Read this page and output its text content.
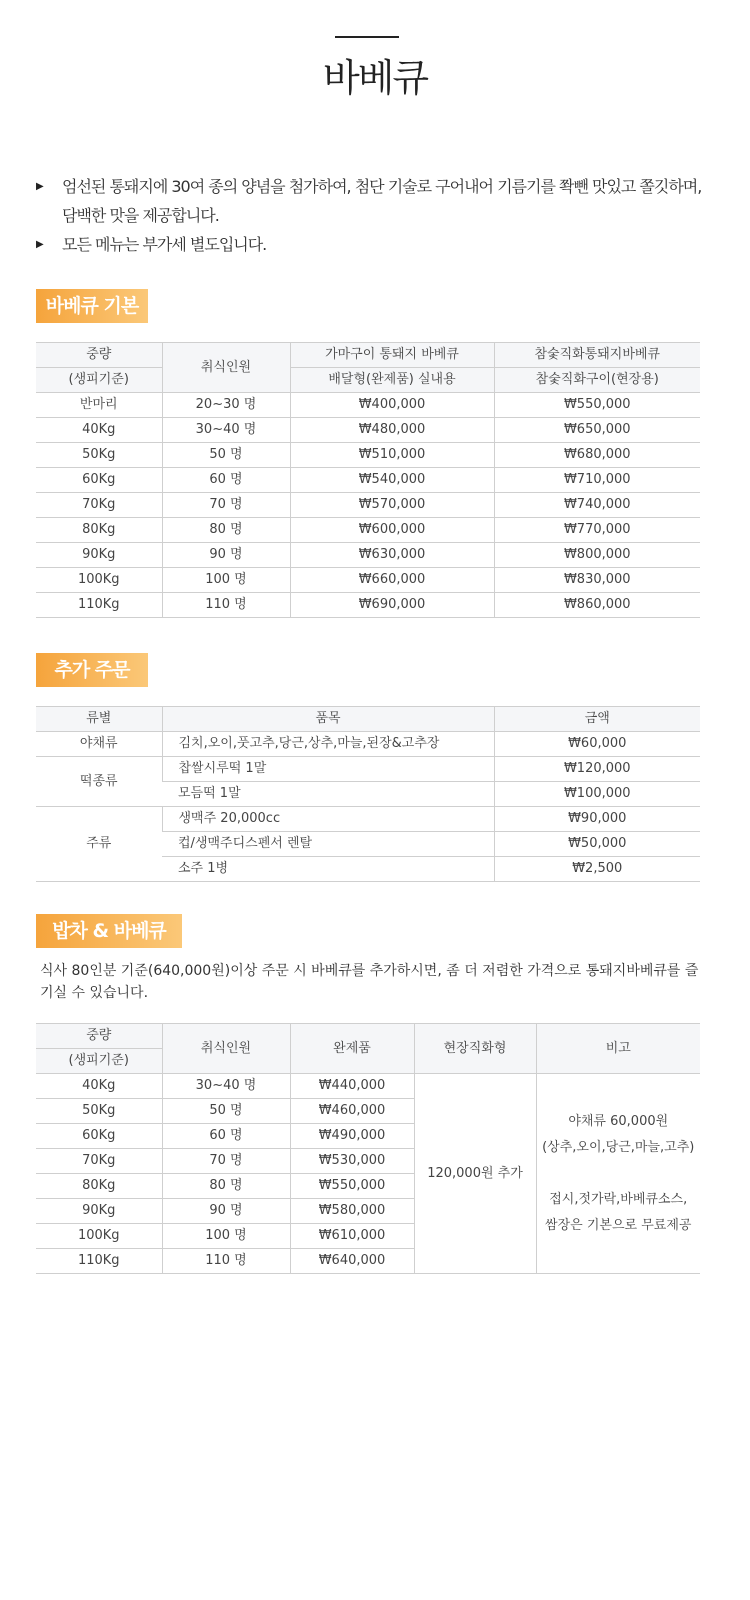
바베큐
▶ 엄선된 통돼지에 30여 종의 양념을 첨가하여, 첨단 기술로 구어내어 기름기를 쫙뺀 맛있고 쫄깃하며, 담백한 맛을 제공합니다.
▶ 모든 메뉴는 부가세 별도입니다.
바베큐 기본
중량	취식인원	가마구이 통돼지 바베큐	참숯직화통돼지바베큐
(생피기준)		배달형(완제품) 실내용	참숯직화구이(현장용)
반마리	20~30 명	₩400,000	₩550,000
40Kg	30~40 명	₩480,000	₩650,000
50Kg	50 명	₩510,000	₩680,000
60Kg	60 명	₩540,000	₩710,000
70Kg	70 명	₩570,000	₩740,000
80Kg	80 명	₩600,000	₩770,000
90Kg	90 명	₩630,000	₩800,000
100Kg	100 명	₩660,000	₩830,000
110Kg	110 명	₩690,000	₩860,000
추가 주문
류별	품목	금액
야채류	김치,오이,풋고추,당근,상추,마늘,된장&고추장	₩60,000
떡종류	찹쌀시루떡 1말	₩120,000
	모듬떡 1말	₩100,000
주류	생맥주 20,000cc	₩90,000
	컵/생맥주디스펜서 렌탈	₩50,000
	소주 1병	₩2,500
밥차 & 바베큐

식사 80인분 기준(640,000원)이상 주문 시 바베큐를 추가하시면, 좀 더 저렴한 가격으로 통돼지바베큐를 즐기실 수 있습니다.

중량	취식인원	완제품	현장직화형	비고
(생피기준)				
40Kg	30~40 명	₩440,000	120,000원 추가	야채류 60,000원
(상추,오이,당근,마늘,고추)
접시,젓가락,바베큐소스,
쌈장은 기본으로 무료제공

50Kg	50 명	₩460,000		
60Kg	60 명	₩490,000		
70Kg	70 명	₩530,000		
80Kg	80 명	₩550,000		
90Kg	90 명	₩580,000		
100Kg	100 명	₩610,000		
110Kg	110 명	₩640,000		
